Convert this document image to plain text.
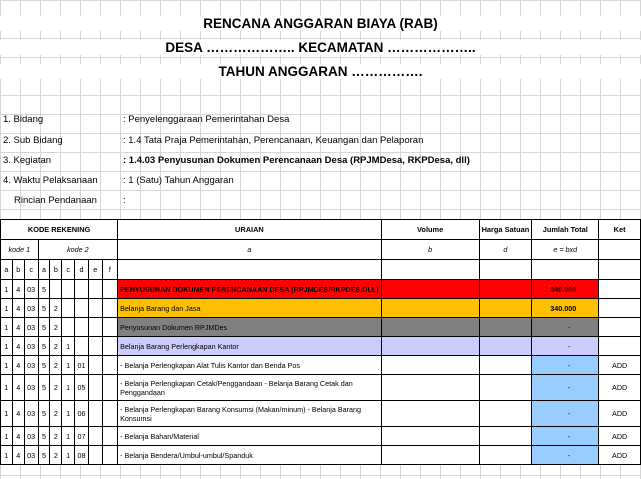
RENCANA ANGGARAN BIAYA (RAB)
DESA ……………….. KECAMATAN ………………..
TAHUN ANGGARAN …………….
1. Bidang	: Penyelenggaraan Pemerintahan Desa
2. Sub Bidang	: 1.4 Tata Praja Pemerintahan, Perencanaan, Keuangan dan Pelaporan
3. Kegiatan	: 1.4.03 Penyusunan Dokumen Perencanaan Desa (RPJMDesa, RKPDesa, dll)
4. Waktu Pelaksanaan	: 1 (Satu) Tahun Anggaran
Rincian Pendanaan	:
KODE REKENING									URAIAN	Volume	Harga Satuan	Jumlah Total	Ket
kode 1			kode 2						a	b	d	e = bxd	
a	b	c	a	b	c	d	e	f					
1	4	03	5						PENYUSUNAN DOKUMEN PERENCANAAN DESA (RPJMDES/RKPDES,DLL)			340.000	
1	4	03	5	2					Belanja Barang dan Jasa			340.000	
1	4	03	5	2					Penyusunan Dokumen RPJMDes			-	
1	4	03	5	2	1				Belanja Barang Perlengkapan Kantor			-	
1	4	03	5	2	1	01			- Belanja Perlengkapan Alat Tulis Kantor dan Benda Pos			-	ADD
1	4	03	5	2	1	05			- Belanja Perlengkapan Cetak/Penggandaan - Belanja Barang Cetak dan Penggandaan			-	ADD
1	4	03	5	2	1	06			- Belanja Perlengkapan Barang Konsumsi (Makan/minum) - Belanja Barang Konsumsi			-	ADD
1	4	03	5	2	1	07			- Belanja Bahan/Material			-	ADD
1	4	03	5	2	1	08			- Belanja Bendera/Umbul-umbul/Spanduk			-	ADD
